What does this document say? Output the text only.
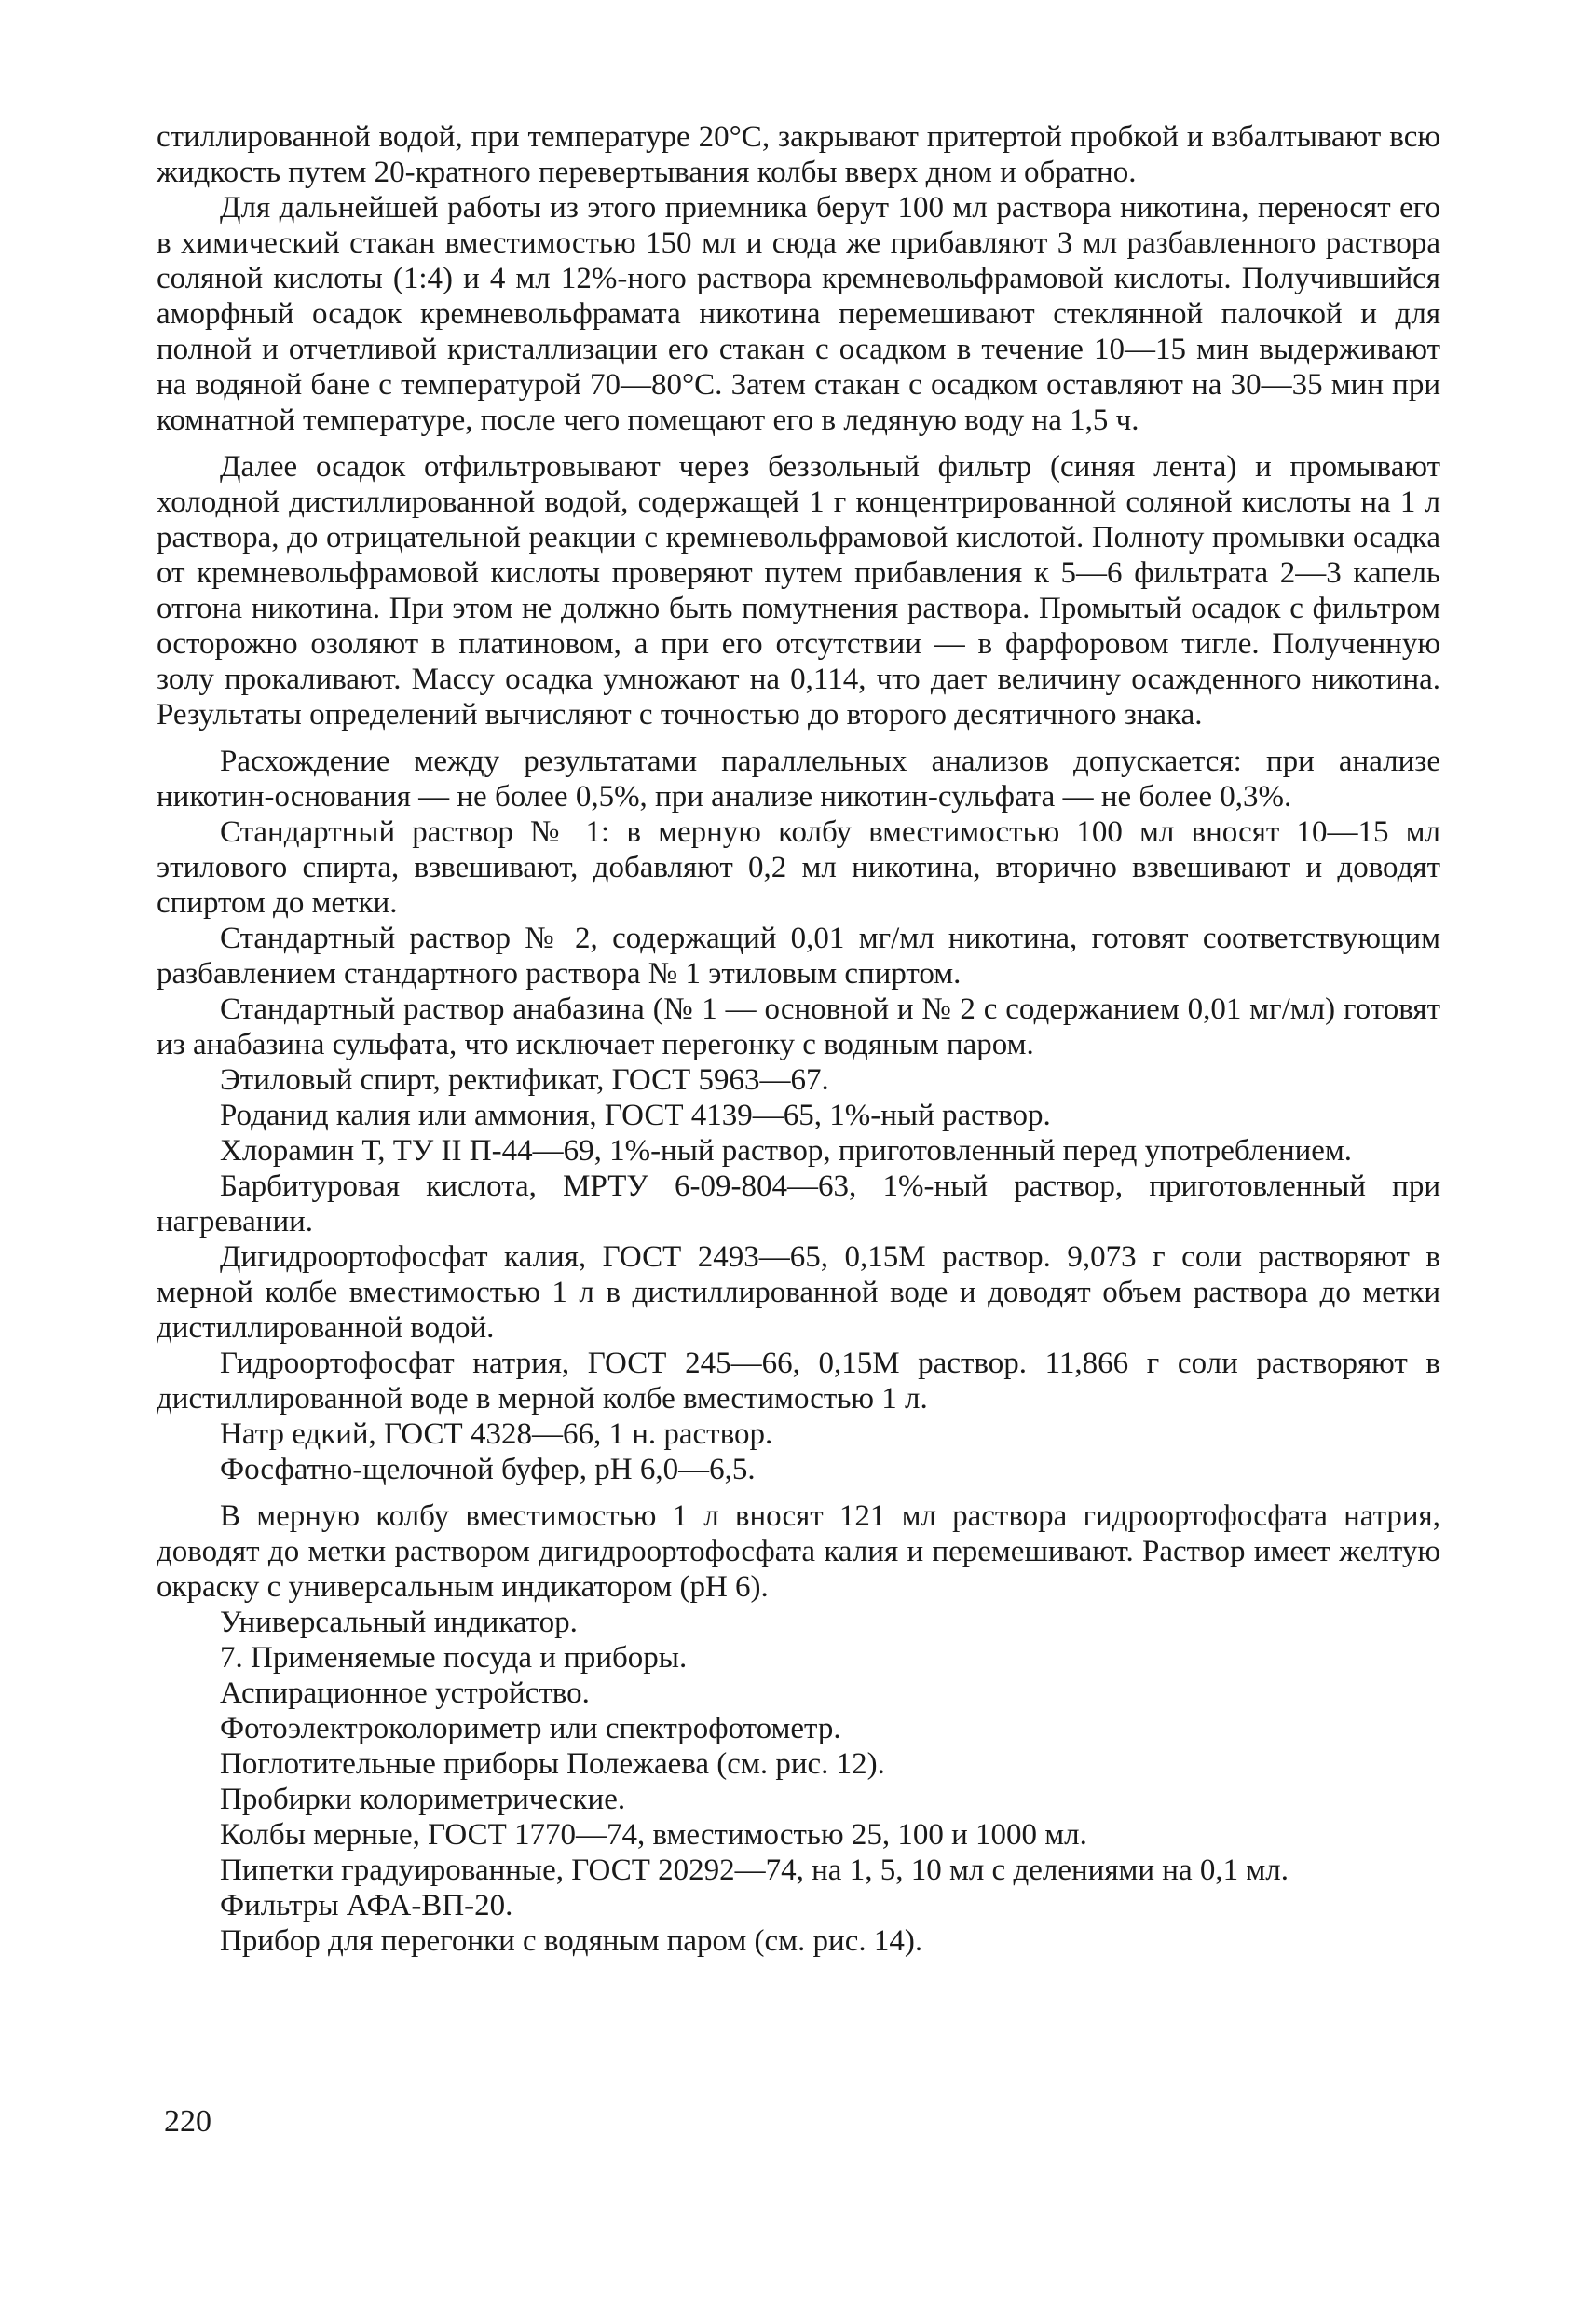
стиллированной водой, при температуре 20°С, закрывают притертой пробкой и взбалтывают всю жидкость путем 20-кратного перевертывания колбы вверх дном и обратно.

Для дальнейшей работы из этого приемника берут 100 мл раствора никотина, переносят его в химический стакан вместимостью 150 мл и сюда же прибавляют 3 мл разбавленного раствора соляной кислоты (1:4) и 4 мл 12%-ного раствора кремневольфрамовой кислоты. Получившийся аморфный осадок кремневольфрамата никотина перемешивают стеклянной палочкой и для полной и отчетливой кристаллизации его стакан с осадком в течение 10—15 мин выдерживают на водяной бане с температурой 70—80°С. Затем стакан с осадком оставляют на 30—35 мин при комнатной температуре, после чего помещают его в ледяную воду на 1,5 ч.

Далее осадок отфильтровывают через беззольный фильтр (синяя лента) и промывают холодной дистиллированной водой, содержащей 1 г концентрированной соляной кислоты на 1 л раствора, до отрицательной реакции с кремневольфрамовой кислотой. Полноту промывки осадка от кремневольфрамовой кислоты проверяют путем прибавления к 5—6 фильтрата 2—3 капель отгона никотина. При этом не должно быть помутнения раствора. Промытый осадок с фильтром осторожно озоляют в платиновом, а при его отсутствии — в фарфоровом тигле. Полученную золу прокаливают. Массу осадка умножают на 0,114, что дает величину осажденного никотина. Результаты определений вычисляют с точностью до второго десятичного знака.

Расхождение между результатами параллельных анализов допускается: при анализе никотин-основания — не более 0,5%, при анализе никотин-сульфата — не более 0,3%.

Стандартный раствор № 1: в мерную колбу вместимостью 100 мл вносят 10—15 мл этилового спирта, взвешивают, добавляют 0,2 мл никотина, вторично взвешивают и доводят спиртом до метки.

Стандартный раствор № 2, содержащий 0,01 мг/мл никотина, готовят соответствующим разбавлением стандартного раствора № 1 этиловым спиртом.

Стандартный раствор анабазина (№ 1 — основной и № 2 с содержанием 0,01 мг/мл) готовят из анабазина сульфата, что исключает перегонку с водяным паром.

Этиловый спирт, ректификат, ГОСТ 5963—67.

Роданид калия или аммония, ГОСТ 4139—65, 1%-ный раствор.

Хлорамин Т, ТУ II П-44—69, 1%-ный раствор, приготовленный перед употреблением.

Барбитуровая кислота, МРТУ 6-09-804—63, 1%-ный раствор, приготовленный при нагревании.

Дигидроортофосфат калия, ГОСТ 2493—65, 0,15М раствор. 9,073 г соли растворяют в мерной колбе вместимостью 1 л в дистиллированной воде и доводят объем раствора до метки дистиллированной водой.

Гидроортофосфат натрия, ГОСТ 245—66, 0,15М раствор. 11,866 г соли растворяют в дистиллированной воде в мерной колбе вместимостью 1 л.

Натр едкий, ГОСТ 4328—66, 1 н. раствор.

Фосфатно-щелочной буфер, рН 6,0—6,5.

В мерную колбу вместимостью 1 л вносят 121 мл раствора гидроортофосфата натрия, доводят до метки раствором дигидроортофосфата калия и перемешивают. Раствор имеет желтую окраску с универсальным индикатором (рН 6).

Универсальный индикатор.

7. Применяемые посуда и приборы.

Аспирационное устройство.

Фотоэлектроколориметр или спектрофотометр.

Поглотительные приборы Полежаева (см. рис. 12).

Пробирки колориметрические.

Колбы мерные, ГОСТ 1770—74, вместимостью 25, 100 и 1000 мл.

Пипетки градуированные, ГОСТ 20292—74, на 1, 5, 10 мл с делениями на 0,1 мл.

Фильтры АФА-ВП-20.

Прибор для перегонки с водяным паром (см. рис. 14).

220
